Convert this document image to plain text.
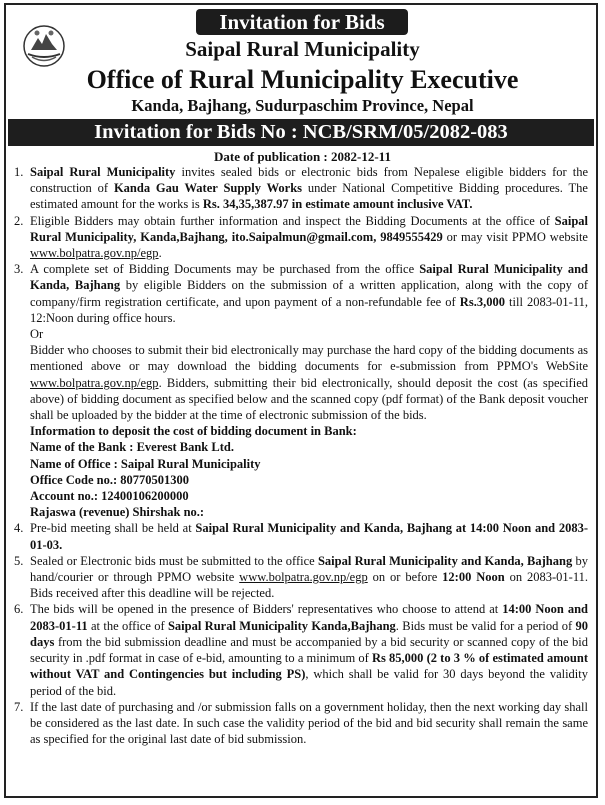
Invitation for Bids
Saipal Rural Municipality
Office of Rural Municipality Executive
Kanda, Bajhang, Sudurpaschim Province, Nepal
Invitation for Bids No : NCB/SRM/05/2082-083
Date of publication : 2082-12-11
1. Saipal Rural Municipality invites sealed bids or electronic bids from Nepalese eligible bidders for the construction of Kanda Gau Water Supply Works under National Competitive Bidding procedures. The estimated amount for the works is Rs. 34,35,387.97 in estimate amount inclusive VAT.

2. Eligible Bidders may obtain further information and inspect the Bidding Documents at the office of Saipal Rural Municipality, Kanda,Bajhang, ito.Saipalmun@gmail.com, 9849555429 or may visit PPMO website www.bolpatra.gov.np/egp.

3. A complete set of Bidding Documents may be purchased from the office Saipal Rural Municipality and Kanda, Bajhang by eligible Bidders on the submission of a written application, along with the copy of company/firm registration certificate, and upon payment of a non-refundable fee of Rs.3,000 till 2083-01-11, 12:Noon during office hours.

Or

Bidder who chooses to submit their bid electronically may purchase the hard copy of the bidding documents as mentioned above or may download the bidding documents for e-submission from PPMO's WebSite www.bolpatra.gov.np/egp. Bidders, submitting their bid electronically, should deposit the cost (as specified above) of bidding document as specified below and the scanned copy (pdf format) of the Bank deposit voucher shall be uploaded by the bidder at the time of electronic submission of the bids.

Information to deposit the cost of bidding document in Bank:

Name of the Bank : Everest Bank Ltd.

Name of Office : Saipal Rural Municipality

Office Code no.: 80770501300

Account no.: 12400106200000

Rajaswa (revenue) Shirshak no.:

4. Pre-bid meeting shall be held at Saipal Rural Municipality and Kanda, Bajhang at 14:00 Noon and 2083-01-03.

5. Sealed or Electronic bids must be submitted to the office Saipal Rural Municipality and Kanda, Bajhang by hand/courier or through PPMO website www.bolpatra.gov.np/egp on or before 12:00 Noon on 2083-01-11. Bids received after this deadline will be rejected.

6. The bids will be opened in the presence of Bidders' representatives who choose to attend at 14:00 Noon and 2083-01-11 at the office of Saipal Rural Municipality Kanda,Bajhang. Bids must be valid for a period of 90 days from the bid submission deadline and must be accompanied by a bid security or scanned copy of the bid security in .pdf format in case of e-bid, amounting to a minimum of Rs 85,000 (2 to 3 % of estimated amount without VAT and Contingencies but including PS), which shall be valid for 30 days beyond the validity period of the bid.

7. If the last date of purchasing and /or submission falls on a government holiday, then the next working day shall be considered as the last date. In such case the validity period of the bid and bid security shall remain the same as specified for the original last date of bid submission.
